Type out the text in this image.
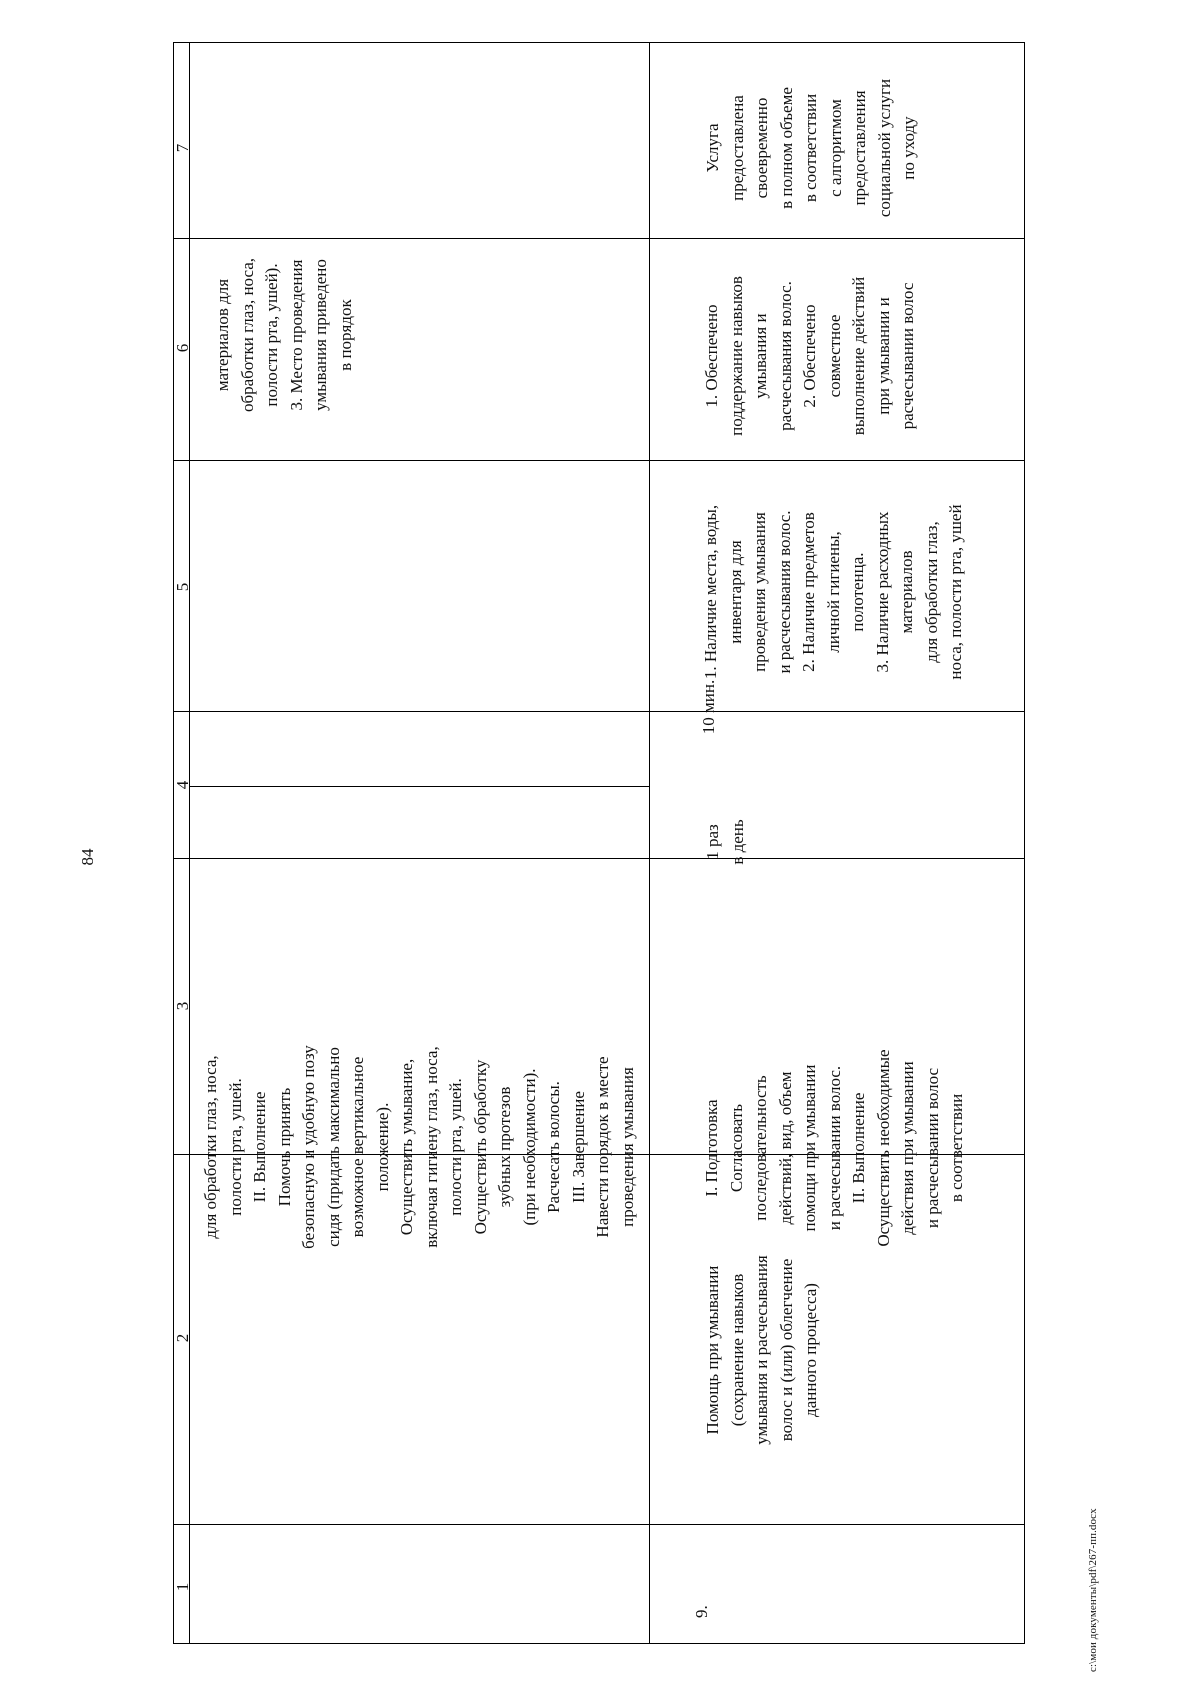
84
1
2
3
4
5
6
7
для обработки глаз, носа, полости рта, ушей. II. Выполнение Помочь принять безопасную и удобную позу сидя (придать максимально возможное вертикальное положение). Осуществить умывание, включая гигиену глаз, носа, полости рта, ушей. Осуществить обработку зубных протезов (при необходимости). Расчесать волосы. III. Завершение Навести порядок в месте проведения умывания
материалов для обработки глаз, носа, полости рта, ушей). 3. Место проведения умывания приведено в порядок
9.
Помощь при умывании (сохранение навыков умывания и расчесывания волос и (или) облегчение данного процесса)
I. Подготовка Согласовать последовательность действий, вид, объем помощи при умывании и расчесывании волос. II. Выполнение Осуществить необходимые действия при умывании и расчесывании волос в соответствии
1 раз в день
10 мин.
1. Наличие места, воды, инвентаря для проведения умывания и расчесывания волос. 2. Наличие предметов личной гигиены, полотенца. 3. Наличие расходных материалов для обработки глаз, носа, полости рта, ушей
1. Обеспечено поддержание навыков умывания и расчесывания волос. 2. Обеспечено совместное выполнение действий при умывании и расчесывании волос
Услуга предоставлена своевременно в полном объеме в соответствии с алгоритмом предоставления социальной услуги по уходу
c:\мои документы\pdf\267-пп.docx
